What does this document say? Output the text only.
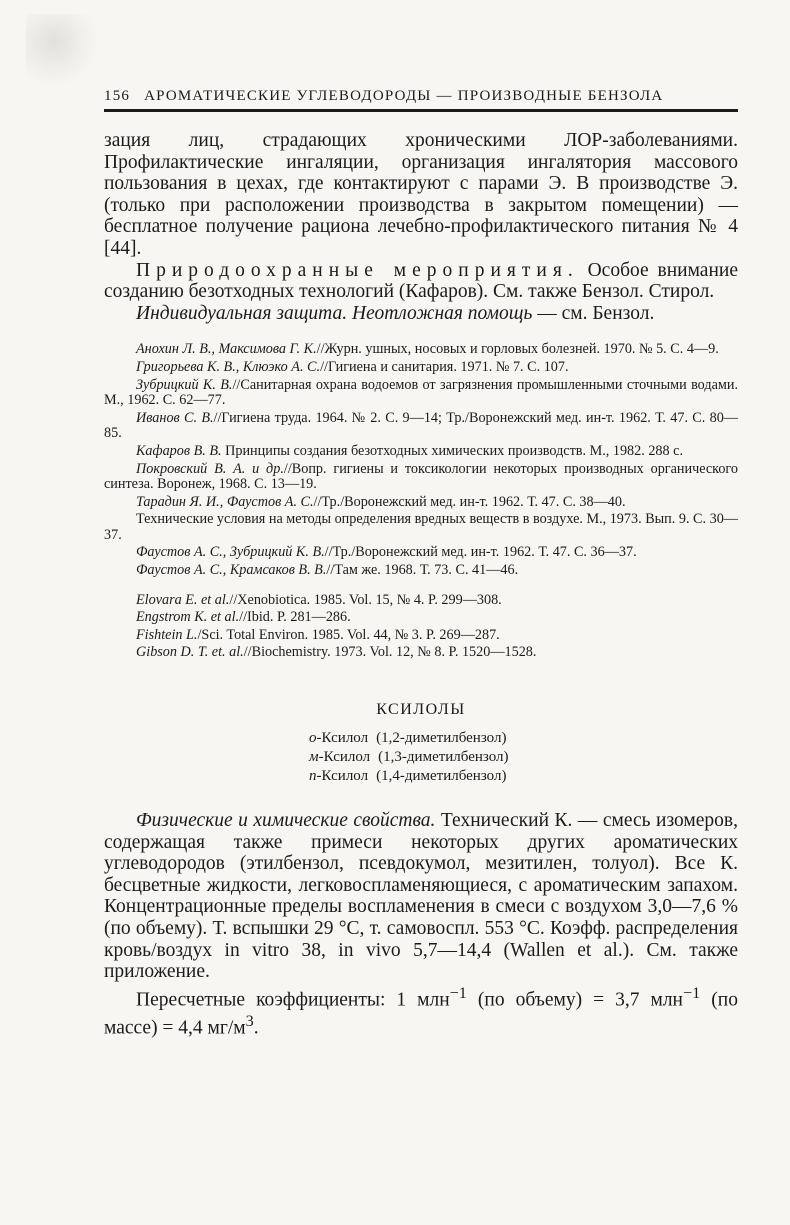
156 АРОМАТИЧЕСКИЕ УГЛЕВОДОРОДЫ — ПРОИЗВОДНЫЕ БЕНЗОЛА

зация лиц, страдающих хроническими ЛОР-заболеваниями. Профилактические ингаляции, организация ингалятория массового пользования в цехах, где контактируют с парами Э. В производстве Э. (только при расположении производства в закрытом помещении) — бесплатное получение рациона лечебно-профилактического питания № 4 [44].

Природоохранные мероприятия. Особое внимание созданию безотходных технологий (Кафаров). См. также Бензол. Стирол.

Индивидуальная защита. Неотложная помощь — см. Бензол.

Анохин Л. В., Максимова Г. К.//Журн. ушных, носовых и горловых болезней. 1970. № 5. С. 4—9.

Григорьева К. В., Клюэко А. С.//Гигиена и санитария. 1971. № 7. С. 107.

Зубрицкий К. В.//Санитарная охрана водоемов от загрязнения промышленными сточными водами. М., 1962. С. 62—77.

Иванов С. В.//Гигиена труда. 1964. № 2. С. 9—14; Тр./Воронежский мед. ин-т. 1962. Т. 47. С. 80—85.

Кафаров В. В. Принципы создания безотходных химических производств. М., 1982. 288 с.

Покровский В. А. и др.//Вопр. гигиены и токсикологии некоторых производных органического синтеза. Воронеж, 1968. С. 13—19.

Тарадин Я. И., Фаустов А. С.//Тр./Воронежский мед. ин-т. 1962. Т. 47. С. 38—40.

Технические условия на методы определения вредных веществ в воздухе. М., 1973. Вып. 9. С. 30—37.

Фаустов А. С., Зубрицкий К. В.//Тр./Воронежский мед. ин-т. 1962. Т. 47. С. 36—37.

Фаустов А. С., Крамсаков В. В.//Там же. 1968. Т. 73. С. 41—46.

Elovara E. et al.//Xenobiotica. 1985. Vol. 15, № 4. P. 299—308.

Engstrom K. et al.//Ibid. P. 281—286.

Fishtein L./Sci. Total Environ. 1985. Vol. 44, № 3. P. 269—287.

Gibson D. T. et. al.//Biochemistry. 1973. Vol. 12, № 8. P. 1520—1528.

КСИЛОЛЫ
о-Ксилол (1,2-диметилбензол)
м-Ксилол (1,3-диметилбензол)
п-Ксилол (1,4-диметилбензол)

Физические и химические свойства. Технический К. — смесь изомеров, содержащая также примеси некоторых других ароматических углеводородов (этилбензол, псевдокумол, мезитилен, толуол). Все К. бесцветные жидкости, легковоспламеняющиеся, с ароматическим запахом. Концентрационные пределы воспламенения в смеси с воздухом 3,0—7,6 % (по объему). Т. вспышки 29 °С, т. самовоспл. 553 °С. Коэфф. распределения кровь/воздух in vitro 38, in vivo 5,7—14,4 (Wallen et al.). См. также приложение.

Пересчетные коэффициенты: 1 млн$^{-1}$ (по объему) = 3,7 млн$^{-1}$ (по массе) = 4,4 $мг/м^3$.
